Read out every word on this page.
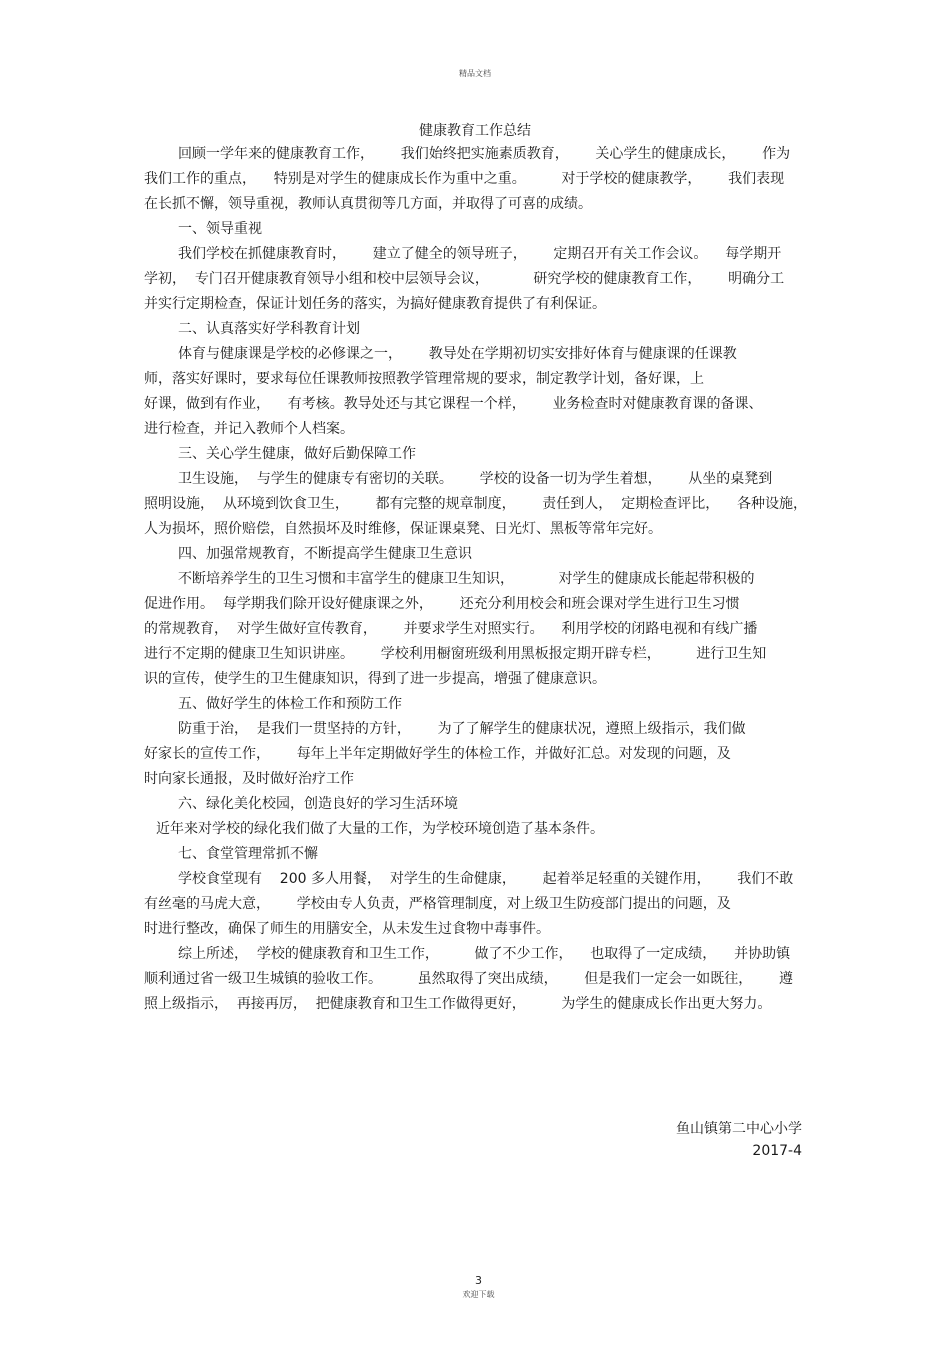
精品文档
健康教育工作总结
回顾一学年来的健康教育工作，      我们始终把实施素质教育，      关心学生的健康成长，      作为
我们工作的重点，    特别是对学生的健康成长作为重中之重。        对于学校的健康教学，      我们表现
在长抓不懈，领导重视，教师认真贯彻等几方面，并取得了可喜的成绩。
一、领导重视
我们学校在抓健康教育时，      建立了健全的领导班子，      定期召开有关工作会议。    每学期开
学初，  专门召开健康教育领导小组和校中层领导会议，          研究学校的健康教育工作，      明确分工
并实行定期检查，保证计划任务的落实，为搞好健康教育提供了有利保证。
二、认真落实好学科教育计划
体育与健康课是学校的必修课之一，      教导处在学期初切实安排好体育与健康课的任课教
师，落实好课时，要求每位任课教师按照教学管理常规的要求，制定教学计划，备好课，上
好课，做到有作业，    有考核。教导处还与其它课程一个样，      业务检查时对健康教育课的备课、
进行检查，并记入教师个人档案。
三、关心学生健康，做好后勤保障工作
卫生设施，  与学生的健康专有密切的关联。      学校的设备一切为学生着想，      从坐的桌凳到
照明设施，  从环境到饮食卫生，      都有完整的规章制度，      责任到人，  定期检查评比，    各种设施，
人为损坏，照价赔偿，自然损坏及时维修，保证课桌凳、日光灯、黑板等常年完好。
四、加强常规教育，不断提高学生健康卫生意识
不断培养学生的卫生习惯和丰富学生的健康卫生知识，          对学生的健康成长能起带积极的
促进作用。  每学期我们除开设好健康课之外，      还充分利用校会和班会课对学生进行卫生习惯
的常规教育，  对学生做好宣传教育，      并要求学生对照实行。    利用学校的闭路电视和有线广播
进行不定期的健康卫生知识讲座。      学校利用橱窗班级利用黑板报定期开辟专栏，        进行卫生知
识的宣传，使学生的卫生健康知识，得到了进一步提高，增强了健康意识。
五、做好学生的体检工作和预防工作
防重于治，  是我们一贯坚持的方针，      为了了解学生的健康状况，遵照上级指示，我们做
好家长的宣传工作，      每年上半年定期做好学生的体检工作，并做好汇总。对发现的问题，及
时向家长通报，及时做好治疗工作
六、绿化美化校园，创造良好的学习生活环境
近年来对学校的绿化我们做了大量的工作，为学校环境创造了基本条件。
七、食堂管理常抓不懈
学校食堂现有    200 多人用餐，  对学生的生命健康，      起着举足轻重的关键作用，      我们不敢
有丝毫的马虎大意，      学校由专人负责，严格管理制度，对上级卫生防疫部门提出的问题，及
时进行整改，确保了师生的用膳安全，从未发生过食物中毒事件。
综上所述，  学校的健康教育和卫生工作，        做了不少工作，    也取得了一定成绩，    并协助镇
顺利通过省一级卫生城镇的验收工作。        虽然取得了突出成绩，      但是我们一定会一如既往，      遵
照上级指示，  再接再厉，  把健康教育和卫生工作做得更好，        为学生的健康成长作出更大努力。
鱼山镇第二中心小学
2017-4

3
欢迎下载
